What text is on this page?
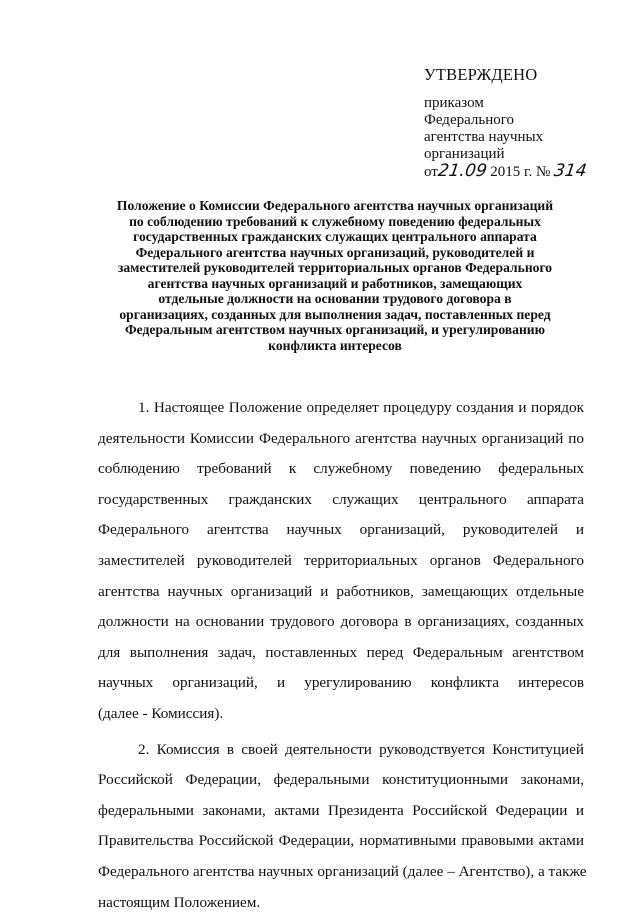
УТВЕРЖДЕНО
приказом
Федерального
агентства научных
организаций
от21.09 2015 г. № 314
Положение о Комиссии Федерального агентства научных организаций
по соблюдению требований к служебному поведению федеральных
государственных гражданских служащих центрального аппарата
Федерального агентства научных организаций, руководителей и
заместителей руководителей территориальных органов Федерального
агентства научных организаций и работников, замещающих
отдельные должности на основании трудового договора в
организациях, созданных для выполнения задач, поставленных перед
Федеральным агентством научных организаций, и урегулированию
конфликта интересов
1. Настоящее Положение определяет процедуру создания и порядок
деятельности Комиссии Федерального агентства научных организаций по
соблюдению требований к служебному поведению федеральных
государственных гражданских служащих центрального аппарата
Федерального агентства научных организаций, руководителей и
заместителей руководителей территориальных органов Федерального
агентства научных организаций и работников, замещающих отдельные
должности на основании трудового договора в организациях, созданных
для выполнения задач, поставленных перед Федеральным агентством
научных организаций, и урегулированию конфликта интересов
(далее - Комиссия).
2. Комиссия в своей деятельности руководствуется Конституцией
Российской Федерации, федеральными конституционными законами,
федеральными законами, актами Президента Российской Федерации и
Правительства Российской Федерации, нормативными правовыми актами
Федерального агентства научных организаций (далее – Агентство), а также
настоящим Положением.
